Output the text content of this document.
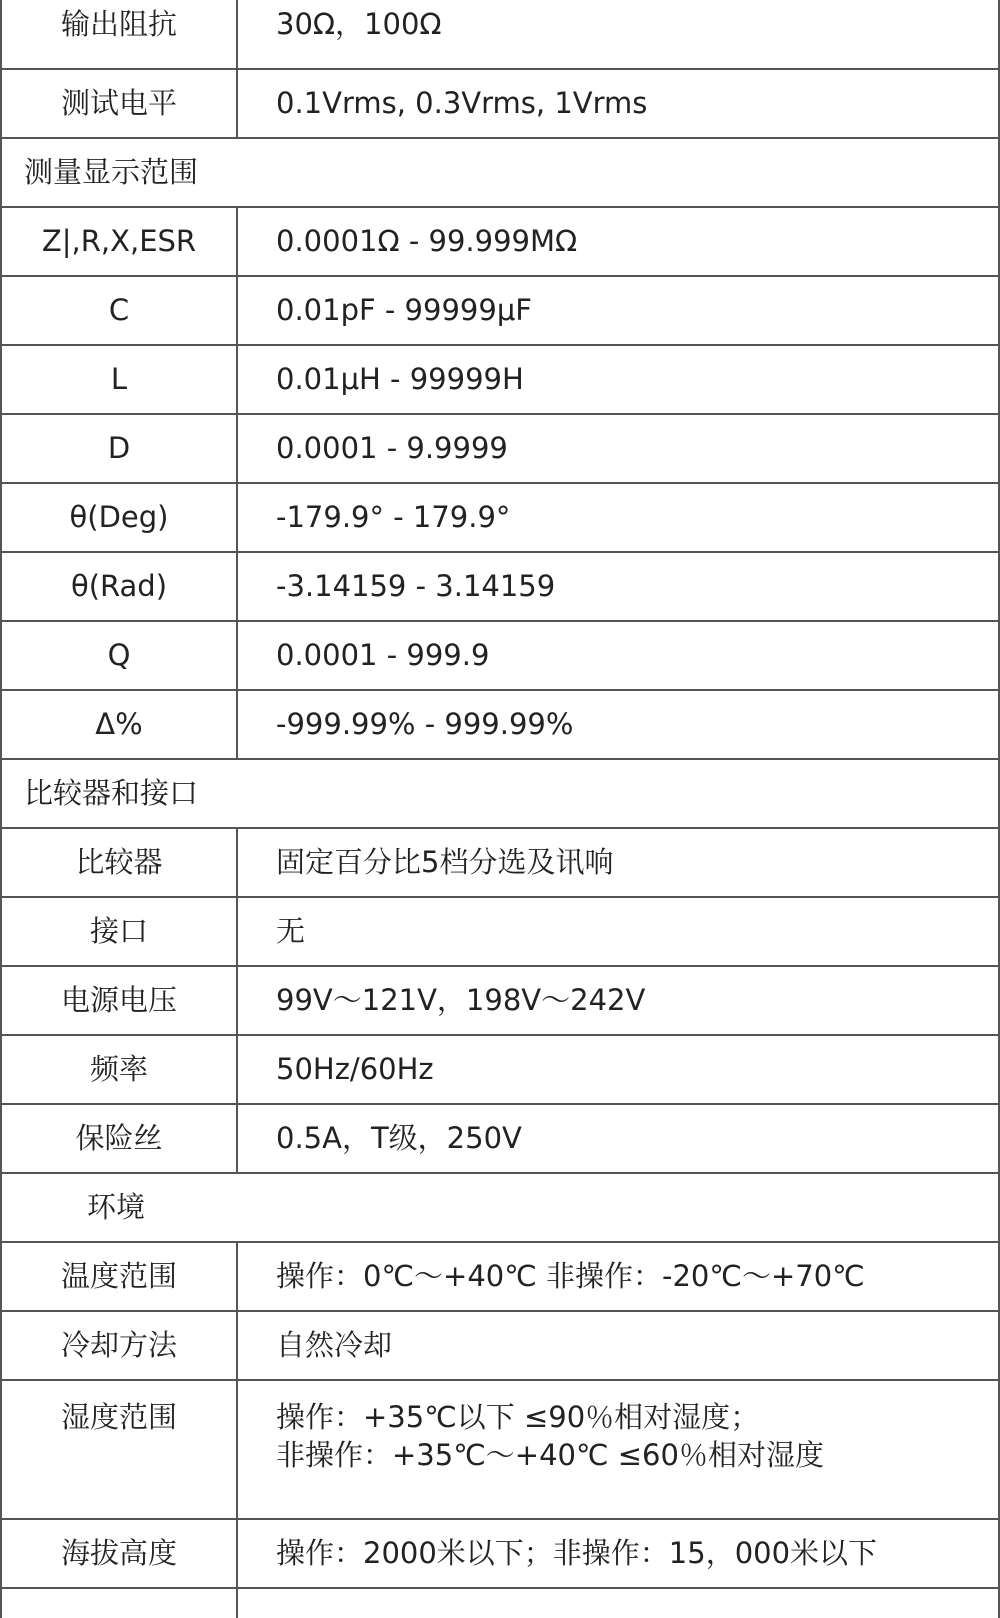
输出阻抗	30Ω，100Ω
测试电平	0.1Vrms, 0.3Vrms, 1Vrms
测量显示范围	
Z|,R,X,ESR	0.0001Ω - 99.999MΩ
C	0.01pF - 99999μF
L	0.01μH - 99999H
D	0.0001 - 9.9999
θ(Deg)	-179.9° - 179.9°
θ(Rad)	-3.14159 - 3.14159
Q	0.0001 - 999.9
Δ%	-999.99% - 999.99%
比较器和接口	
比较器	固定百分比5档分选及讯响
接口	无
电源电压	99V～121V，198V～242V
频率	50Hz/60Hz
保险丝	0.5A，T级，250V
环境	
温度范围	操作：0℃～+40℃ 非操作：-20℃～+70℃
冷却方法	自然冷却
湿度范围	操作：+35℃以下 ≤90％相对湿度；
非操作：+35℃～+40℃ ≤60％相对湿度

海拔高度	操作：2000米以下；非操作：15，000米以下
